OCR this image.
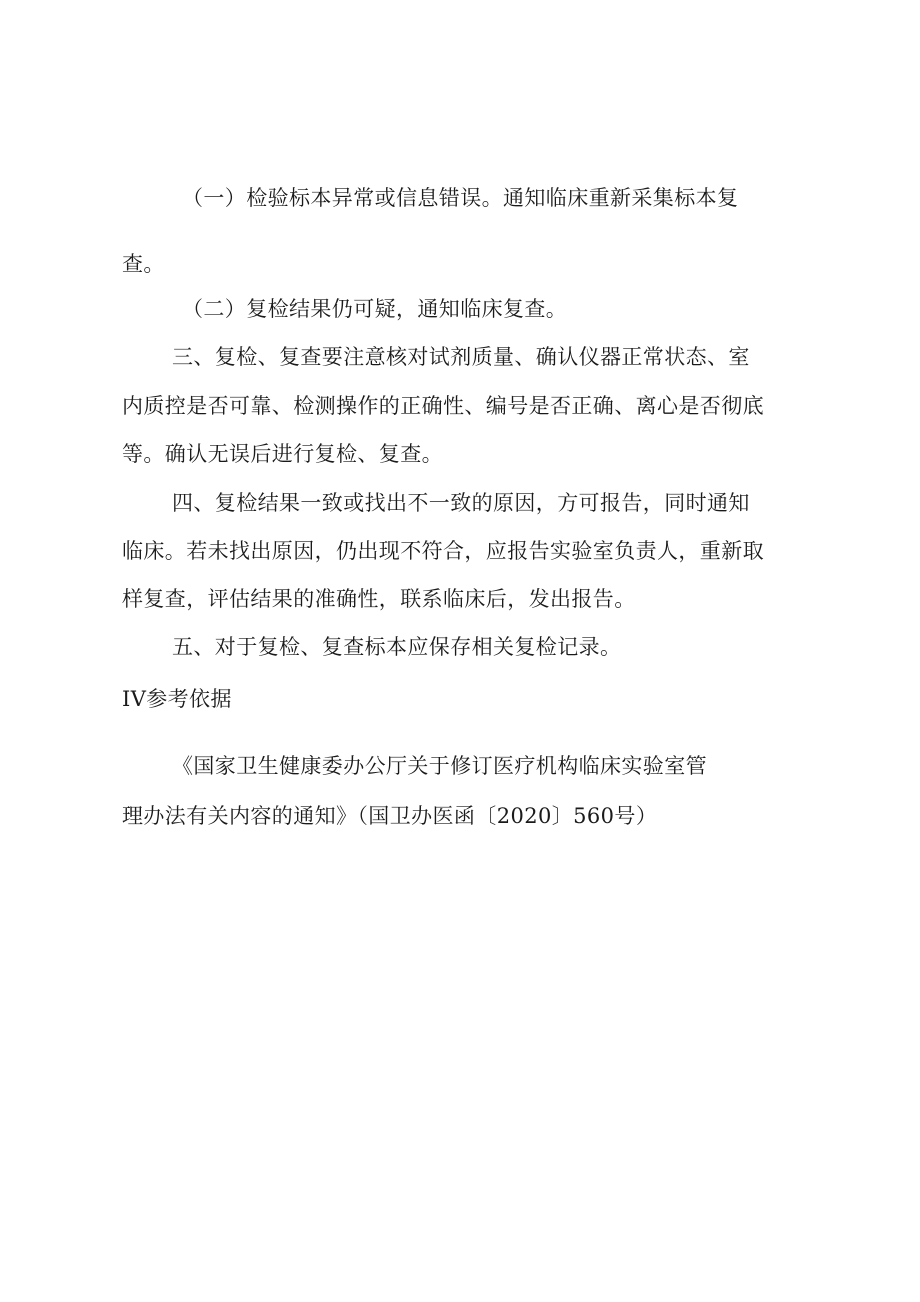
（一）检验标本异常或信息错误。通知临床重新采集标本复
查。
（二）复检结果仍可疑，通知临床复查。
三、复检、复查要注意核对试剂质量、确认仪器正常状态、室
内质控是否可靠、检测操作的正确性、编号是否正确、离心是否彻底
等。确认无误后进行复检、复查。
四、复检结果一致或找出不一致的原因，方可报告，同时通知
临床。若未找出原因，仍出现不符合，应报告实验室负责人，重新取
样复查，评估结果的准确性，联系临床后，发出报告。
五、对于复检、复查标本应保存相关复检记录。
IV参考依据
《国家卫生健康委办公厅关于修订医疗机构临床实验室管
理办法有关内容的通知》（国卫办医函〔2020〕560号）
